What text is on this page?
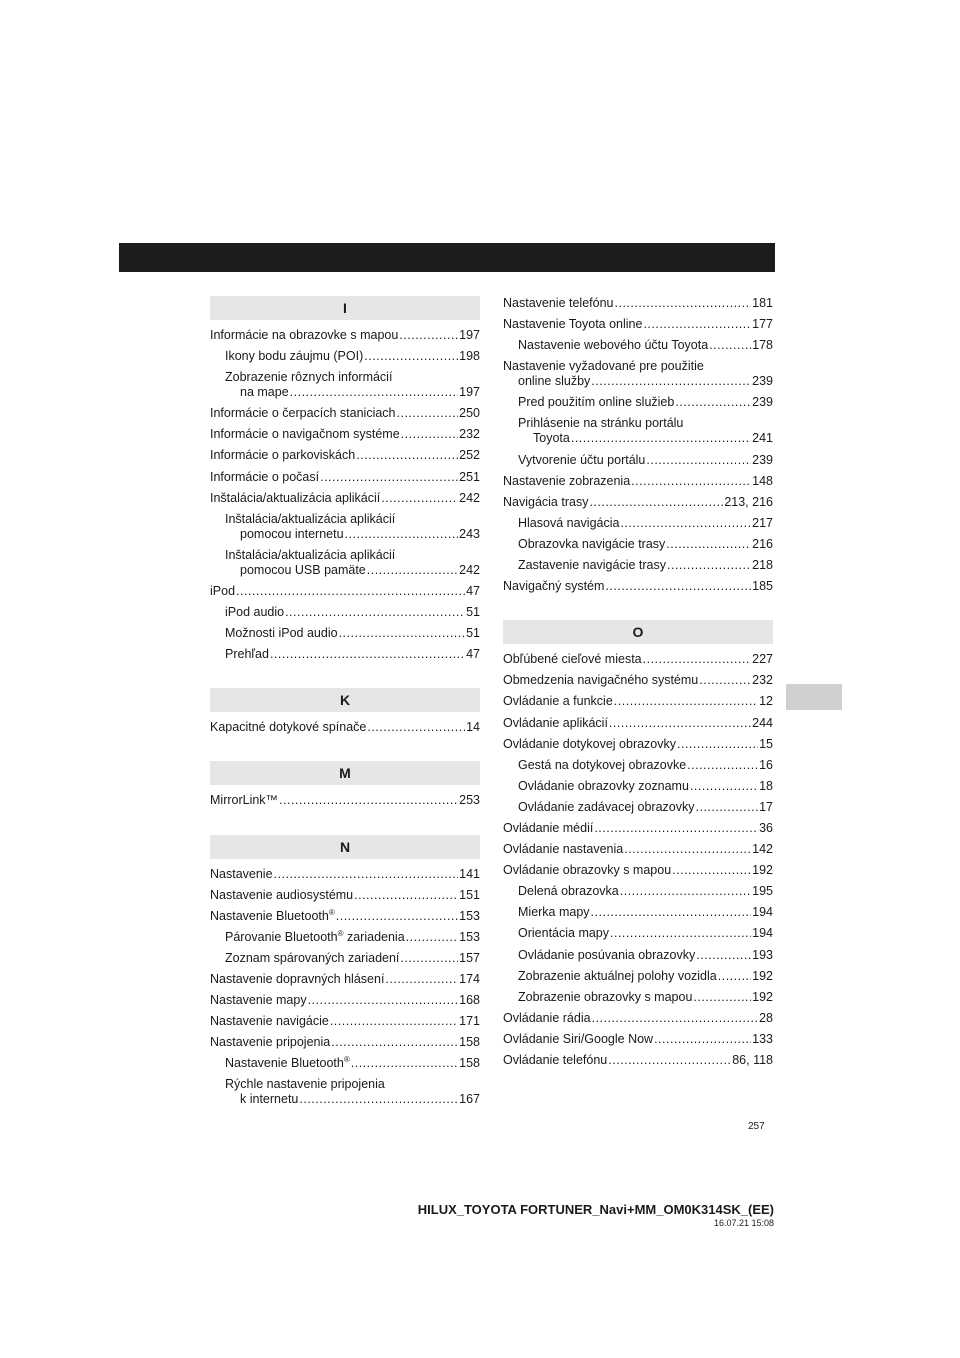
I
Informácie na obrazovke s mapou .....	197
Ikony bodu záujmu (POI) .....	198
Zobrazenie rôznych informácií
na mape .....	197
Informácie o čerpacích staniciach .....	250
Informácie o navigačnom systéme .....	232
Informácie o parkoviskách .....	252
Informácie o počasí .....	251
Inštalácia/aktualizácia aplikácií .....	242
Inštalácia/aktualizácia aplikácií
pomocou internetu .....	243
Inštalácia/aktualizácia aplikácií
pomocou USB pamäte .....	242
iPod .....	47
iPod audio .....	51
Možnosti iPod audio .....	51
Prehľad .....	47
K
Kapacitné dotykové spínače .....	14
M
MirrorLink™ .....	253
N
Nastavenie .....	141
Nastavenie audiosystému .....	151
Nastavenie Bluetooth® .....	153
Párovanie Bluetooth® zariadenia .....	153
Zoznam spárovaných zariadení .....	157
Nastavenie dopravných hlásení .....	174
Nastavenie mapy .....	168
Nastavenie navigácie .....	171
Nastavenie pripojenia .....	158
Nastavenie Bluetooth® .....	158
Rýchle nastavenie pripojenia
k internetu .....	167
Nastavenie telefónu .....	181
Nastavenie Toyota online .....	177
Nastavenie webového účtu Toyota .....	178
Nastavenie vyžadované pre použitie
online služby .....	239
Pred použitím online služieb .....	239
Prihlásenie na stránku portálu
Toyota .....	241
Vytvorenie účtu portálu .....	239
Nastavenie zobrazenia .....	148
Navigácia trasy .....	213, 216
Hlasová navigácia .....	217
Obrazovka navigácie trasy .....	216
Zastavenie navigácie trasy .....	218
Navigačný systém .....	185
O
Obľúbené cieľové miesta .....	227
Obmedzenia navigačného systému .....	232
Ovládanie a funkcie .....	12
Ovládanie aplikácií .....	244
Ovládanie dotykovej obrazovky .....	15
Gestá na dotykovej obrazovke .....	16
Ovládanie obrazovky zoznamu .....	18
Ovládanie zadávacej obrazovky .....	17
Ovládanie médií .....	36
Ovládanie nastavenia .....	142
Ovládanie obrazovky s mapou .....	192
Delená obrazovka .....	195
Mierka mapy .....	194
Orientácia mapy .....	194
Ovládanie posúvania obrazovky .....	193
Zobrazenie aktuálnej polohy vozidla .....	192
Zobrazenie obrazovky s mapou .....	192
Ovládanie rádia .....	28
Ovládanie Siri/Google Now .....	133
Ovládanie telefónu .....	86, 118
257
HILUX_TOYOTA FORTUNER_Navi+MM_OM0K314SK_(EE)
16.07.21 15:08
